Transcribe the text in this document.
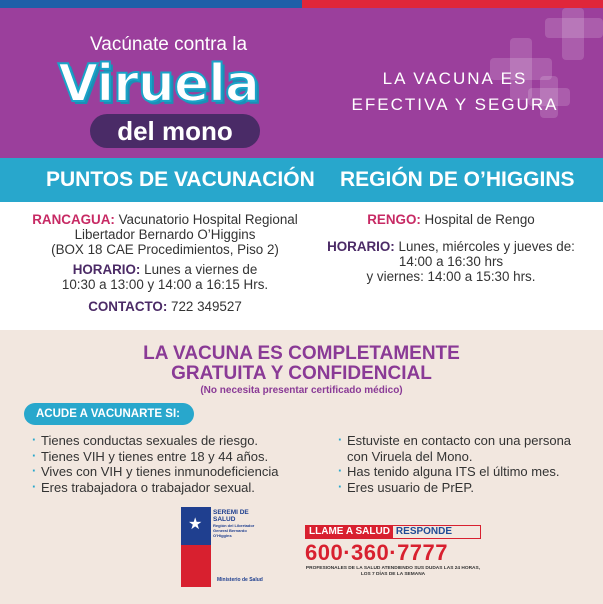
Vacúnate contra la
Viruela
del mono
LA VACUNA ES
EFECTIVA Y SEGURA
PUNTOS DE VACUNACIÓN REGIÓN DE O’HIGGINS
RANCAGUA: Vacunatorio Hospital Regional
Libertador Bernardo O’Higgins
(BOX 18 CAE Procedimientos, Piso 2)
HORARIO: Lunes a viernes de
10:30 a 13:00 y 14:00 a 16:15 Hrs.
CONTACTO: 722 349527
RENGO: Hospital de Rengo
HORARIO: Lunes, miércoles y jueves de:
14:00 a 16:30 hrs
y viernes: 14:00 a 15:30 hrs.
LA VACUNA ES COMPLETAMENTE
GRATUITA Y CONFIDENCIAL
(No necesita presentar certificado médico)
ACUDE A VACUNARTE SI:
· Tienes conductas sexuales de riesgo.
· Tienes VIH y tienes entre 18 y 44 años.
· Vives con VIH y tienes inmunodeficiencia
· Eres trabajadora o trabajador sexual.
· Estuviste en contacto con una persona con Viruela del Mono.
· Has tenido alguna ITS el último mes.
· Eres usuario de PrEP.
★
SEREMI DE
SALUD
Región del Libertador
General Bernardo
O'Higgins
Ministerio de Salud
LLAME A SALUD RESPONDE
600·360·7777
PROFESIONALES DE LA SALUD ATENDIENDO SUS DUDAS LAS 24 HORAS,
LOS 7 DÍAS DE LA SEMANA
